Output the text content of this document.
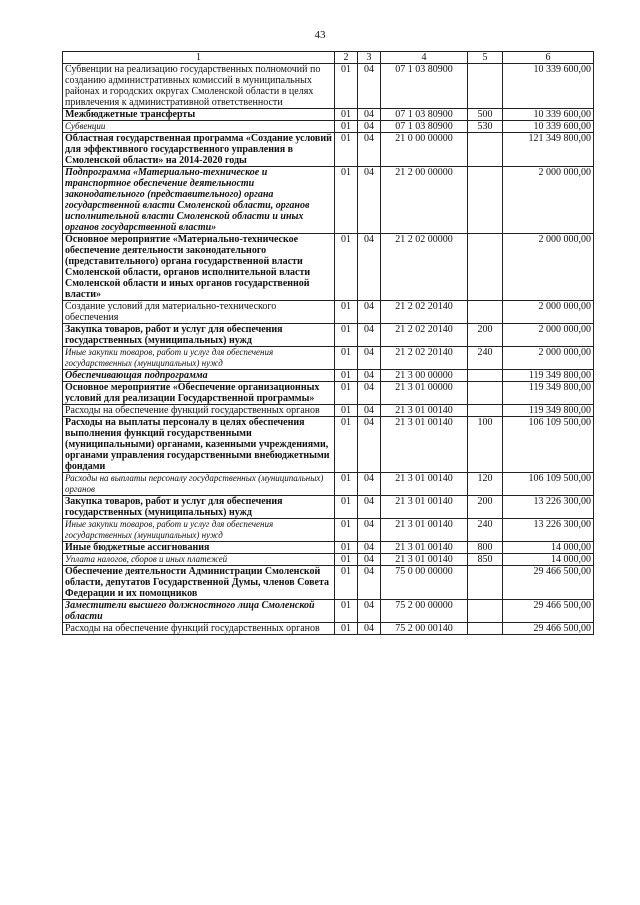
43
1	2	3	4	5	6
Субвенции на реализацию государственных полномочий по созданию административных комиссий в муниципальных районах и городских округах Смоленской области в целях привлечения к административной ответственности	01	04	07 1 03 80900		10 339 600,00
Межбюджетные трансферты	01	04	07 1 03 80900	500	10 339 600,00
Субвенции	01	04	07 1 03 80900	530	10 339 600,00
Областная государственная программа «Создание условий для эффективного государственного управления в Смоленской области» на 2014-2020 годы	01	04	21 0 00 00000		121 349 800,00
Подпрограмма «Материально-техническое и транспортное обеспечение деятельности законодательного (представительного) органа государственной власти Смоленской области, органов исполнительной власти Смоленской области и иных органов государственной власти»	01	04	21 2 00 00000		2 000 000,00
Основное мероприятие «Материально-техническое обеспечение деятельности законодательного (представительного) органа государственной власти Смоленской области, органов исполнительной власти Смоленской области и иных органов государственной власти»	01	04	21 2 02 00000		2 000 000,00
Создание условий для материально-технического обеспечения	01	04	21 2 02 20140		2 000 000,00
Закупка товаров, работ и услуг для обеспечения государственных (муниципальных) нужд	01	04	21 2 02 20140	200	2 000 000,00
Иные закупки товаров, работ и услуг для обеспечения государственных (муниципальных) нужд	01	04	21 2 02 20140	240	2 000 000,00
Обеспечивающая подпрограмма	01	04	21 3 00 00000		119 349 800,00
Основное мероприятие «Обеспечение организационных условий для реализации Государственной программы»	01	04	21 3 01 00000		119 349 800,00
Расходы на обеспечение функций государственных органов	01	04	21 3 01 00140		119 349 800,00
Расходы на выплаты персоналу в целях обеспечения выполнения функций государственными (муниципальными) органами, казенными учреждениями, органами управления государственными внебюджетными фондами	01	04	21 3 01 00140	100	106 109 500,00
Расходы на выплаты персоналу государственных (муниципальных) органов	01	04	21 3 01 00140	120	106 109 500,00
Закупка товаров, работ и услуг для обеспечения государственных (муниципальных) нужд	01	04	21 3 01 00140	200	13 226 300,00
Иные закупки товаров, работ и услуг для обеспечения государственных (муниципальных) нужд	01	04	21 3 01 00140	240	13 226 300,00
Иные бюджетные ассигнования	01	04	21 3 01 00140	800	14 000,00
Уплата налогов, сборов и иных платежей	01	04	21 3 01 00140	850	14 000,00
Обеспечение деятельности Администрации Смоленской области, депутатов Государственной Думы, членов Совета Федерации и их помощников	01	04	75 0 00 00000		29 466 500,00
Заместители высшего должностного лица Смоленской области	01	04	75 2 00 00000		29 466 500,00
Расходы на обеспечение функций государственных органов	01	04	75 2 00 00140		29 466 500,00
